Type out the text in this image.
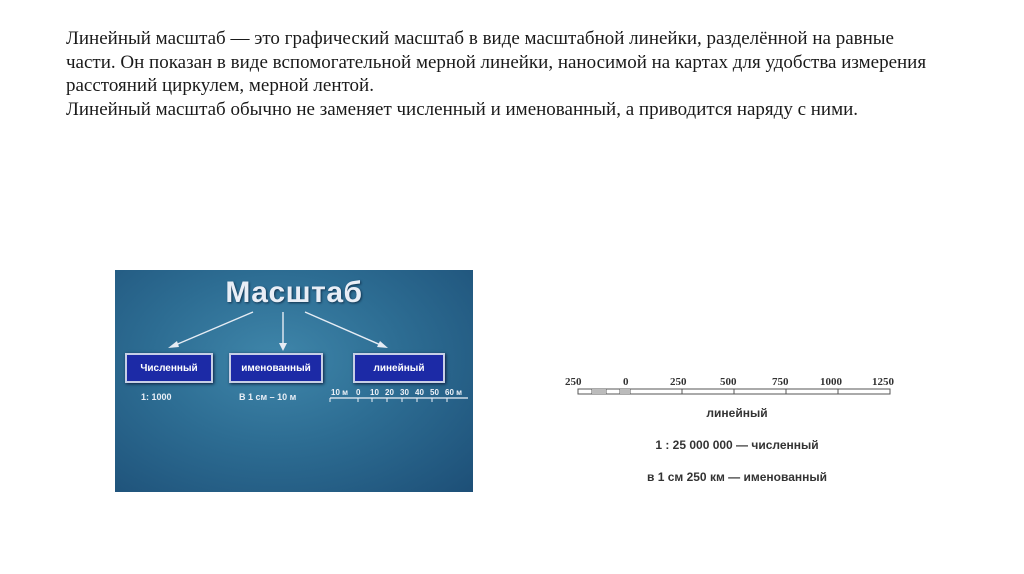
Линейный масштаб — это графический масштаб в виде масштабной линейки, разделённой на равные части. Он показан в виде вспомогательной мерной линейки, наносимой на картах для удобства измерения расстояний циркулем, мерной лентой.

Линейный масштаб обычно не заменяет численный и именованный, а приводится наряду с ними.

Масштаб
Численный	именованный	линейный
1: 1000	В 1 см – 10 м	10 м 0 10 20 30 40 50 60 м
250	0	250	500	750	1000	1250
линейный
1 : 25 000 000 — численный
в 1 см 250 км — именованный
